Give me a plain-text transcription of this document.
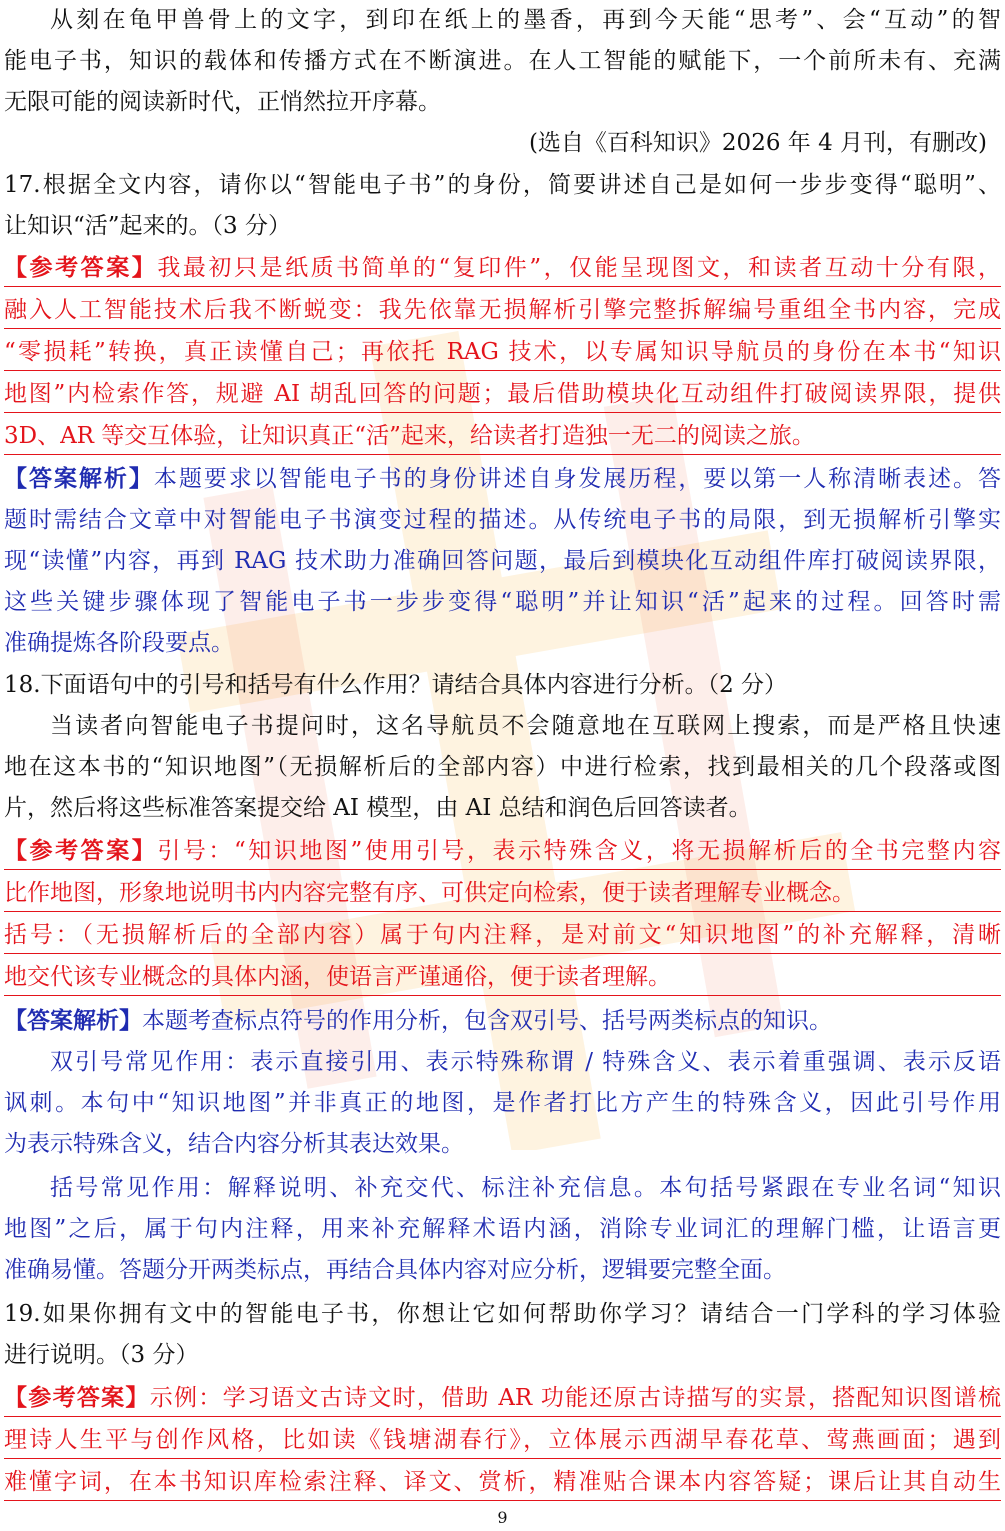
从刻在龟甲兽骨上的文字，到印在纸上的墨香，再到今天能“思考”、会“互动”的智
能电子书，知识的载体和传播方式在不断演进。在人工智能的赋能下，一个前所未有、充满
无限可能的阅读新时代，正悄然拉开序幕。
(选自《百科知识》2026 年 4 月刊，有删改)
17.根据全文内容，请你以“智能电子书”的身份，简要讲述自己是如何一步步变得“聪明”、
让知识“活”起来的。（3 分）
【参考答案】我最初只是纸质书简单的“复印件”，仅能呈现图文，和读者互动十分有限，
融入人工智能技术后我不断蜕变：我先依靠无损解析引擎完整拆解编号重组全书内容，完成
“零损耗”转换，真正读懂自己；再依托 RAG 技术，以专属知识导航员的身份在本书“知识
地图”内检索作答，规避 AI 胡乱回答的问题；最后借助模块化互动组件打破阅读界限，提供
3D、AR 等交互体验，让知识真正“活”起来，给读者打造独一无二的阅读之旅。
【答案解析】本题要求以智能电子书的身份讲述自身发展历程，要以第一人称清晰表述。答
题时需结合文章中对智能电子书演变过程的描述。从传统电子书的局限，到无损解析引擎实
现“读懂”内容，再到 RAG 技术助力准确回答问题，最后到模块化互动组件库打破阅读界限，
这些关键步骤体现了智能电子书一步步变得“聪明”并让知识“活”起来的过程。回答时需
准确提炼各阶段要点。
18.下面语句中的引号和括号有什么作用？请结合具体内容进行分析。（2 分）
当读者向智能电子书提问时，这名导航员不会随意地在互联网上搜索，而是严格且快速
地在这本书的“知识地图”（无损解析后的全部内容）中进行检索，找到最相关的几个段落或图
片，然后将这些标准答案提交给 AI 模型，由 AI 总结和润色后回答读者。
【参考答案】引号：“知识地图”使用引号，表示特殊含义，将无损解析后的全书完整内容
比作地图，形象地说明书内内容完整有序、可供定向检索，便于读者理解专业概念。
括号：（无损解析后的全部内容）属于句内注释，是对前文“知识地图”的补充解释，清晰
地交代该专业概念的具体内涵，使语言严谨通俗，便于读者理解。
【答案解析】本题考查标点符号的作用分析，包含双引号、括号两类标点的知识。
双引号常见作用：表示直接引用、表示特殊称谓 / 特殊含义、表示着重强调、表示反语
讽刺。本句中“知识地图”并非真正的地图，是作者打比方产生的特殊含义，因此引号作用
为表示特殊含义，结合内容分析其表达效果。
括号常见作用：解释说明、补充交代、标注补充信息。本句括号紧跟在专业名词“知识
地图”之后，属于句内注释，用来补充解释术语内涵，消除专业词汇的理解门槛，让语言更
准确易懂。答题分开两类标点，再结合具体内容对应分析，逻辑要完整全面。
19.如果你拥有文中的智能电子书，你想让它如何帮助你学习？请结合一门学科的学习体验
进行说明。（3 分）
【参考答案】示例：学习语文古诗文时，借助 AR 功能还原古诗描写的实景，搭配知识图谱梳
理诗人生平与创作风格，比如读《钱塘湖春行》，立体展示西湖早春花草、莺燕画面；遇到
难懂字词，在本书知识库检索注释、译文、赏析，精准贴合课本内容答疑；课后让其自动生
9
